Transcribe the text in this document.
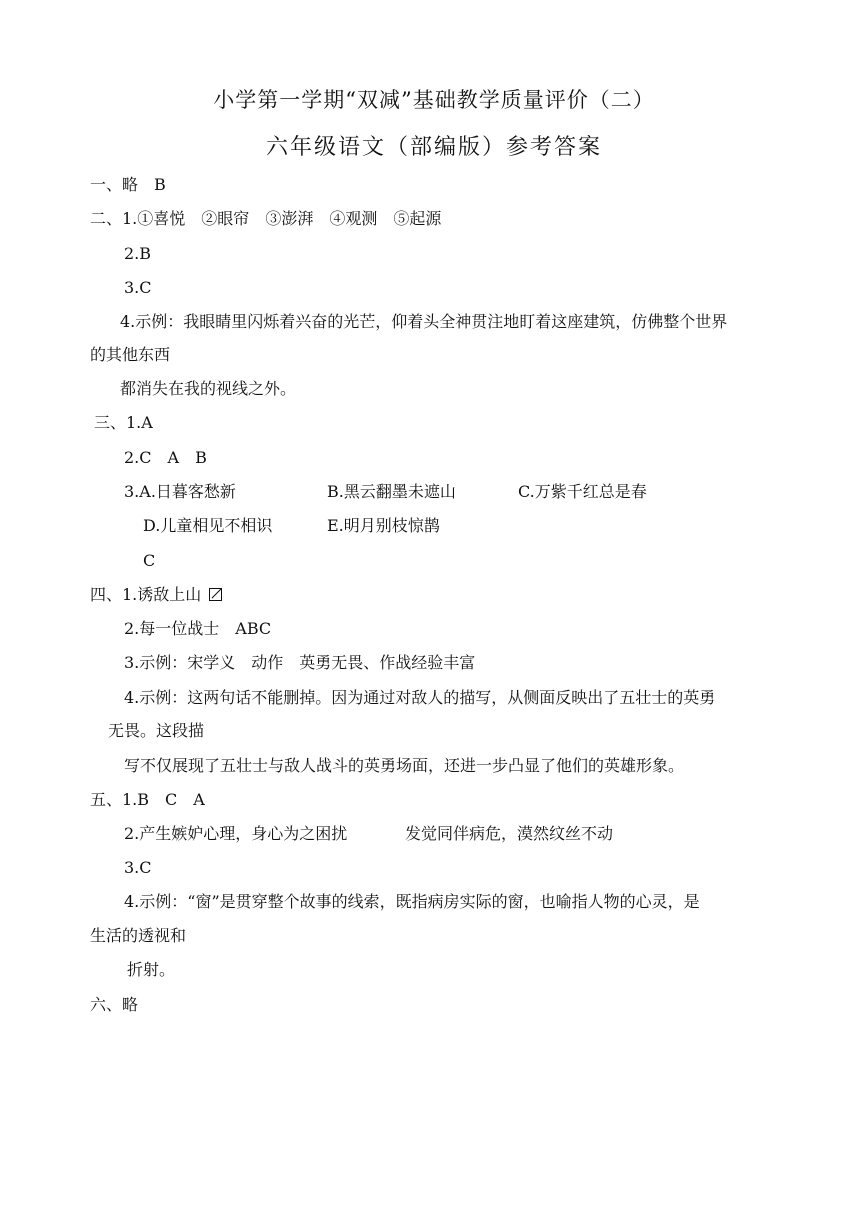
小学第一学期“双减”基础教学质量评价（二）
六年级语文（部编版）参考答案
一、略　B
二、1.①喜悦 ②眼帘 ③澎湃 ④观测 ⑤起源
2.B
3.C
4.示例：我眼睛里闪烁着兴奋的光芒，仰着头全神贯注地盯着这座建筑，仿佛整个世界
的其他东西
都消失在我的视线之外。
三、1.A
2.C　A　B
3.A.日暮客愁新	B.黑云翻墨未遮山	C.万紫千红总是春
D.儿童相见不相识	E.明月别枝惊鹊
C
四、1.诱敌上山
2.每一位战士　ABC
3.示例：宋学义　动作　英勇无畏、作战经验丰富
4.示例：这两句话不能删掉。因为通过对敌人的描写，从侧面反映出了五壮士的英勇
无畏。这段描
写不仅展现了五壮士与敌人战斗的英勇场面，还进一步凸显了他们的英雄形象。
五、1.B　C　A
2.产生嫉妒心理，身心为之困扰	发觉同伴病危，漠然纹丝不动
3.C
4.示例：“窗”是贯穿整个故事的线索，既指病房实际的窗，也喻指人物的心灵，是
生活的透视和
折射。
六、略
